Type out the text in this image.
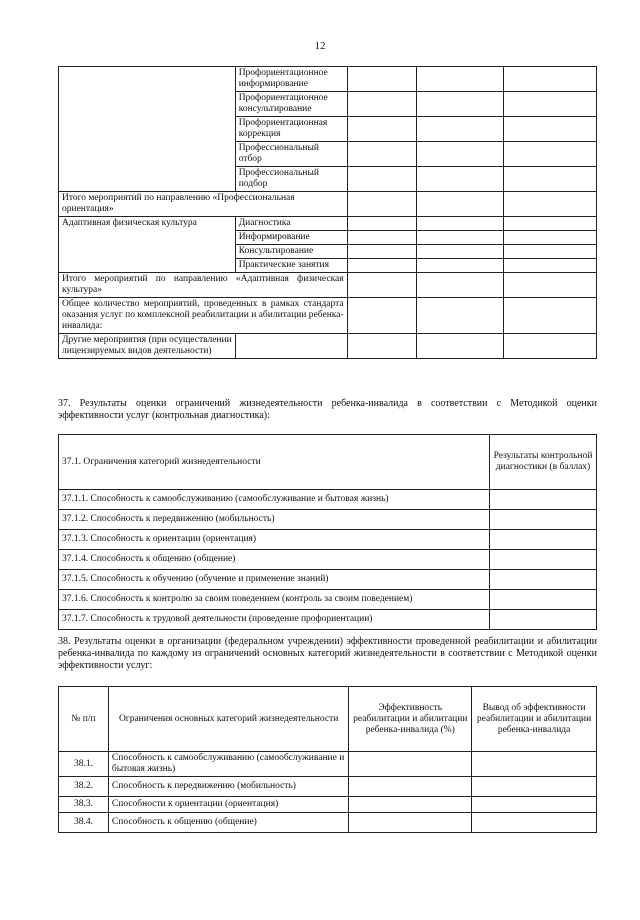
12
	Профориентационное информирование			
	Профориентационное консультирование			
	Профориентационная коррекция			
	Профессиональный отбор			
	Профессиональный подбор			
Итого мероприятий по направлению «Профессиональная ориентация»				
Адаптивная физическая культура	Диагностика			
	Информирование			
	Консультирование			
	Практические занятия			
Итого мероприятий по направлению «Адаптивная физическая культура»				
Общее количество мероприятий, проведенных в рамках стандарта оказания услуг по комплексной реабилитации и абилитации ребенка-инвалида:				
Другие мероприятия (при осуществлении лицензируемых видов деятельности)				
37. Результаты оценки ограничений жизнедеятельности ребенка-инвалида в соответствии с Методикой оценки эффективности услуг (контрольная диагностика):
37.1. Ограничения категорий жизнедеятельности	Результаты контрольной диагностики (в баллах)
37.1.1. Способность к самообслуживанию (самообслуживание и бытовая жизнь)	
37.1.2. Способность к передвижению (мобильность)	
37.1.3. Способность к ориентации (ориентация)	
37.1.4. Способность к общению (общение)	
37.1.5. Способность к обучению (обучение и применение знаний)	
37.1.6. Способность к контролю за своим поведением (контроль за своим поведением)	
37.1.7. Способность к трудовой деятельности (проведение профориентации)	
38. Результаты оценки в организации (федеральном учреждении) эффективности проведенной реабилитации и абилитации ребенка-инвалида по каждому из ограничений основных категорий жизнедеятельности в соответствии с Методикой оценки эффективности услуг:
№ п/п	Ограничения основных категорий жизнедеятельности	Эффективность реабилитации и абилитации ребенка-инвалида (%)	Вывод об эффективности реабилитации и абилитации ребенка-инвалида
38.1.	Способность к самообслуживанию (самообслуживание и бытовая жизнь)		
38.2.	Способность к передвижению (мобильность)		
38.3.	Способности к ориентации (ориентация)		
38.4.	Способность к общению (общение)		
